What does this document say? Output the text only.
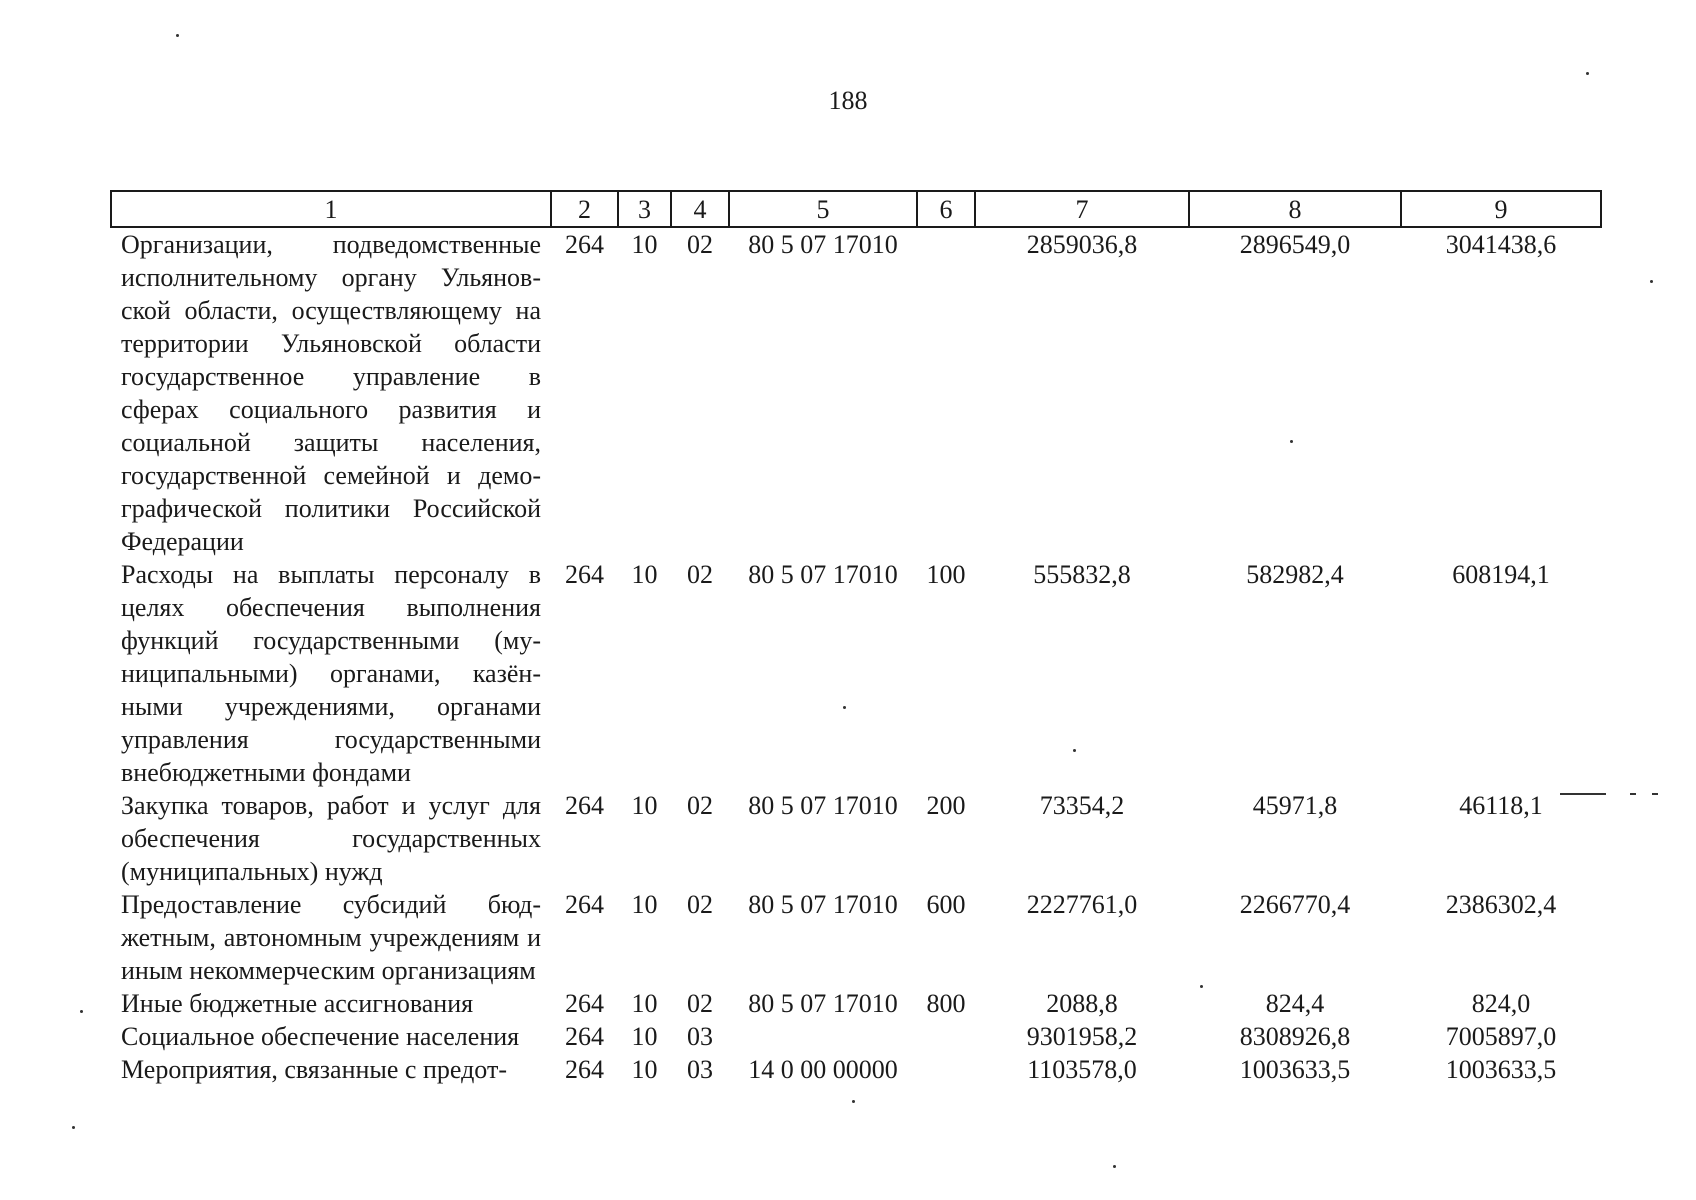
188
1	2	3	4	5	6	7	8	9
Организации, подведомственные исполнительному органу Ульяновской области, осуществляющему на территории Ульяновской области государственное управление в сферах социального развития и социальной защиты населения, государственной семейной и демографической политики Российской Федерации	264	10	02	80 5 07 17010		2859036,8	2896549,0	3041438,6
Расходы на выплаты персоналу в целях обеспечения выполнения функций государственными (муниципальными) органами, казёнными учреждениями, органами управления государственными внебюджетными фондами	264	10	02	80 5 07 17010	100	555832,8	582982,4	608194,1
Закупка товаров, работ и услуг для обеспечения государственных (муниципальных) нужд	264	10	02	80 5 07 17010	200	73354,2	45971,8	46118,1
Предоставление субсидий бюджетным, автономным учреждениям и иным некоммерческим организациям	264	10	02	80 5 07 17010	600	2227761,0	2266770,4	2386302,4
Иные бюджетные ассигнования	264	10	02	80 5 07 17010	800	2088,8	824,4	824,0
Социальное обеспечение населения	264	10	03			9301958,2	8308926,8	7005897,0
Мероприятия, связанные с предот-	264	10	03	14 0 00 00000		1103578,0	1003633,5	1003633,5
